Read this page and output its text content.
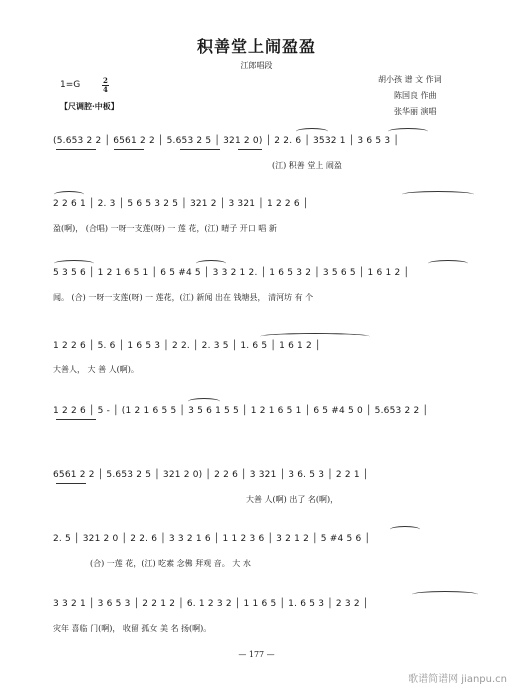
积善堂上闹盈盈
江郎唱段
胡小孩 谱 文 作词
陈国良 作曲
张华丽 演唱
1=G	2
4
【尺调腔·中板】
(5.653 2 2 │ 6561 2 2 │ 5.653 2 5 │ 321 2 0) │ 2 2. 6 │ 3532 1 │ 3 6 5 3 │
(江) 积善 堂上 闹盈
2 2 6 1 │ 2. 3 │ 5 6 5 3 2 5 │ 321 2 │ 3 321 │ 1 2 2 6 │
盈(啊)， (合唱) 一呀一支莲(呀) 一 莲 花，(江) 晴子 开口 唱 新
5 3 5 6 │ 1 2 1 6 5 1 │ 6 5 #4 5 │ 3 3 2 1 2. │ 1 6 5 3 2 │ 3 5 6 5 │ 1 6 1 2 │
闻。 (合) 一呀一支莲(呀) 一 莲花，(江) 新闻 出在 钱塘县， 清河坊 有 个
1 2 2 6 │ 5. 6 │ 1 6 5 3 │ 2 2. │ 2. 3 5 │ 1. 6 5 │ 1 6 1 2 │
大善人， 大 善 人(啊)。
1 2 2 6 │ 5 - │ (1 2 1 6 5 5 │ 3 5 6 1 5 5 │ 1 2 1 6 5 1 │ 6 5 #4 5 0 │ 5.653 2 2 │
6561 2 2 │ 5.653 2 5 │ 321 2 0) │ 2 2 6 │ 3 321 │ 3 6. 5 3 │ 2 2 1 │
大善 人(啊) 出了 名(啊)，
2. 5 │ 321 2 0 │ 2 2. 6 │ 3 3 2 1 6 │ 1 1 2 3 6 │ 3 2 1 2 │ 5 #4 5 6 │
(合) 一莲 花，(江) 吃素 念佛 拜观 音。 大 水
3 3 2 1 │ 3 6 5 3 │ 2 2 1 2 │ 6. 1 2 3 2 │ 1 1 6 5 │ 1. 6 5 3 │ 2 3 2 │
灾年 喜临 门(啊)， 收留 孤女 美 名 扬(啊)。
— 177 —
歌谱简谱网 jianpu.cn
